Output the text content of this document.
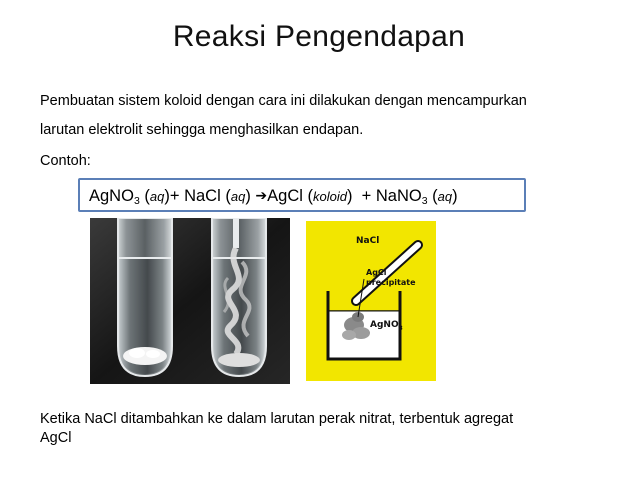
Reaksi Pengendapan
Pembuatan sistem koloid dengan cara ini dilakukan dengan mencampurkan
larutan elektrolit sehingga menghasilkan endapan.
Contoh:
AgNO$_3$ (aq)+ NaCl (aq) ➔AgCl (koloid)  + NaNO$_3$ (aq)
NaCl
AgCl
precipitate
AgNO$_3$
Ketika NaCl ditambahkan ke dalam larutan perak nitrat, terbentuk agregat
AgCl
